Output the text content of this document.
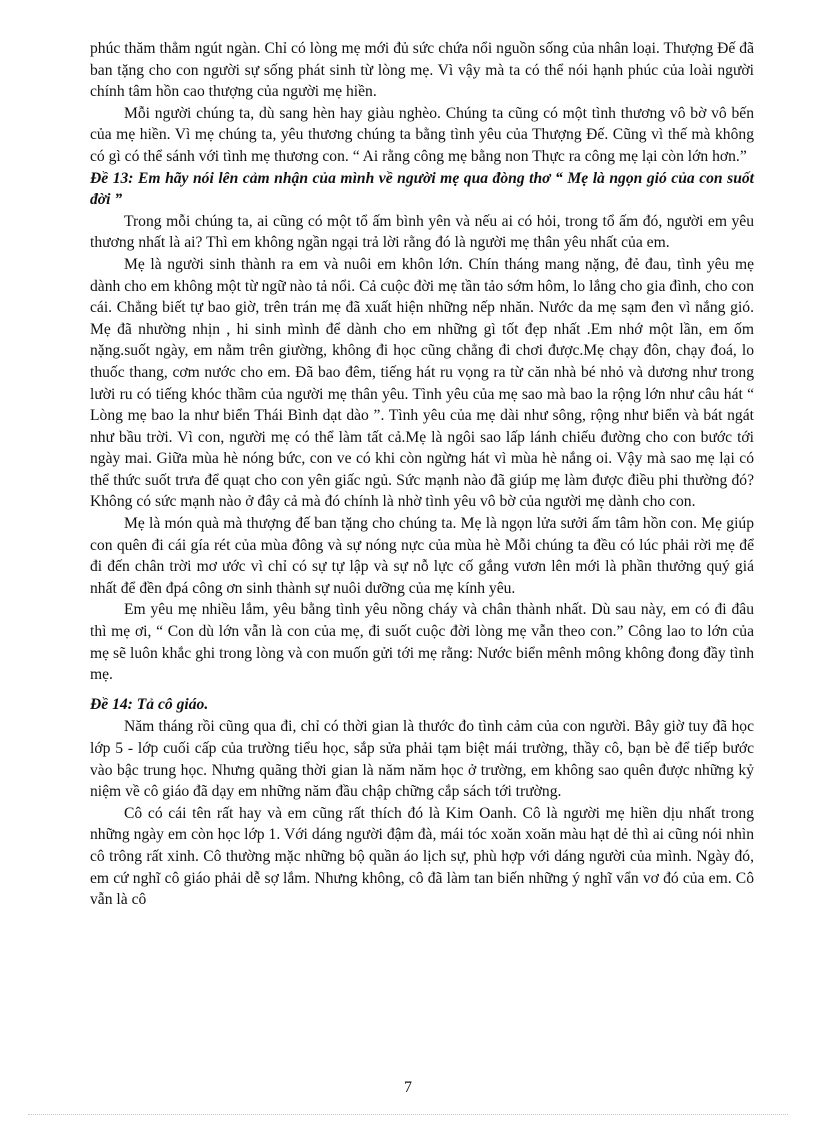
phúc thăm thẳm ngút ngàn. Chỉ có lòng mẹ mới đủ sức chứa nổi nguồn sống của nhân loại. Thượng Đế đã ban tặng cho con người sự sống phát sinh từ lòng mẹ. Vì vậy mà ta có thể nói hạnh phúc của loài người chính tâm hồn cao thượng của người mẹ hiền.

Mỗi người chúng ta, dù sang hèn hay giàu nghèo. Chúng ta cũng có một tình thương vô bờ vô bến của mẹ hiền. Vì mẹ chúng ta, yêu thương chúng ta bằng tình yêu của Thượng Đế. Cũng vì thế mà không có gì có thể sánh với tình mẹ thương con. “ Ai rằng công mẹ bằng non Thực ra công mẹ lại còn lớn hơn.”

Đề 13: Em hãy nói lên cảm nhận của mình về người mẹ qua đòng thơ “ Mẹ là ngọn gió của con suốt đời ”

Trong mỗi chúng ta, ai cũng có một tổ ấm bình yên và nếu ai có hỏi, trong tổ ấm đó, người em yêu thương nhất là ai? Thì em không ngần ngại trả lời rằng đó là người mẹ thân yêu nhất của em.

Mẹ là người sinh thành ra em và nuôi em khôn lớn. Chín tháng mang nặng, đẻ đau, tình yêu mẹ dành cho em không một từ ngữ nào tả nổi. Cả cuộc đời mẹ tần tảo sớm hôm, lo lắng cho gia đình, cho con cái. Chẳng biết tự bao giờ, trên trán mẹ đã xuất hiện những nếp nhăn. Nước da mẹ sạm đen vì nắng gió. Mẹ đã nhường nhịn , hi sinh mình để dành cho em những gì tốt đẹp nhất .Em nhớ một lần, em ốm nặng.suốt ngày, em nằm trên giường, không đi học cũng chẳng đi chơi được.Mẹ chạy đôn, chạy đoá, lo thuốc thang, cơm nước cho em. Đã bao đêm, tiếng hát ru vọng ra từ căn nhà bé nhỏ và dương như trong lười ru có tiếng khóc thầm của người mẹ thân yêu. Tình yêu của mẹ sao mà bao la rộng lớn như câu hát “ Lòng mẹ bao la như biển Thái Bình dạt dào ”. Tình yêu của mẹ dài như sông, rộng như biển và bát ngát như bầu trời. Vì con, người mẹ có thể làm tất cả.Mẹ là ngôi sao lấp lánh chiếu đường cho con bước tới ngày mai. Giữa mùa hè nóng bức, con ve có khi còn ngừng hát vì mùa hè nắng oi. Vậy mà sao mẹ lại có thể thức suốt trưa để quạt cho con yên giấc ngủ. Sức mạnh nào đã giúp mẹ làm được điều phi thường đó? Không có sức mạnh nào ở đây cả mà đó chính là nhờ tình yêu vô bờ của người mẹ dành cho con.

Mẹ là món quà mà thượng đế ban tặng cho chúng ta. Mẹ là ngọn lửa sưởi ấm tâm hồn con. Mẹ giúp con quên đi cái gía rét của mùa đông và sự nóng nực của mùa hè Mỗi chúng ta đều có lúc phải rời mẹ để đi đến chân trời mơ ước vì chỉ có sự tự lập và sự nỗ lực cố gắng vươn lên mới là phần thưởng quý giá nhất để đền đpá công ơn sinh thành sự nuôi dưỡng của mẹ kính yêu.

Em yêu mẹ nhiều lắm, yêu bằng tình yêu nồng cháy và chân thành nhất. Dù sau này, em có đi đâu thì mẹ ơi, “ Con dù lớn vẫn là con của mẹ, đi suốt cuộc đời lòng mẹ vẫn theo con.” Công lao to lớn của mẹ sẽ luôn khắc ghi trong lòng và con muốn gửi tới mẹ rằng: Nước biển mênh mông không đong đầy tình mẹ.

Đề 14: Tả cô giáo.

Năm tháng rồi cũng qua đi, chỉ có thời gian là thước đo tình cảm của con người. Bây giờ tuy đã học lớp 5 - lớp cuối cấp của trường tiểu học, sắp sửa phải tạm biệt mái trường, thầy cô, bạn bè để tiếp bước vào bậc trung học. Nhưng quãng thời gian là năm năm học ở trường, em không sao quên được những kỷ niệm về cô giáo đã dạy em những năm đầu chập chững cắp sách tới trường.

Cô có cái tên rất hay và em cũng rất thích đó là Kim Oanh. Cô là người mẹ hiền dịu nhất trong những ngày em còn học lớp 1. Với dáng người đậm đà, mái tóc xoăn xoăn màu hạt dẻ thì ai cũng nói nhìn cô trông rất xinh. Cô thường mặc những bộ quần áo lịch sự, phù hợp với dáng người của mình. Ngày đó, em cứ nghĩ cô giáo phải dễ sợ lắm. Nhưng không, cô đã làm tan biến những ý nghĩ vẩn vơ đó của em. Cô vẫn là cô

7
